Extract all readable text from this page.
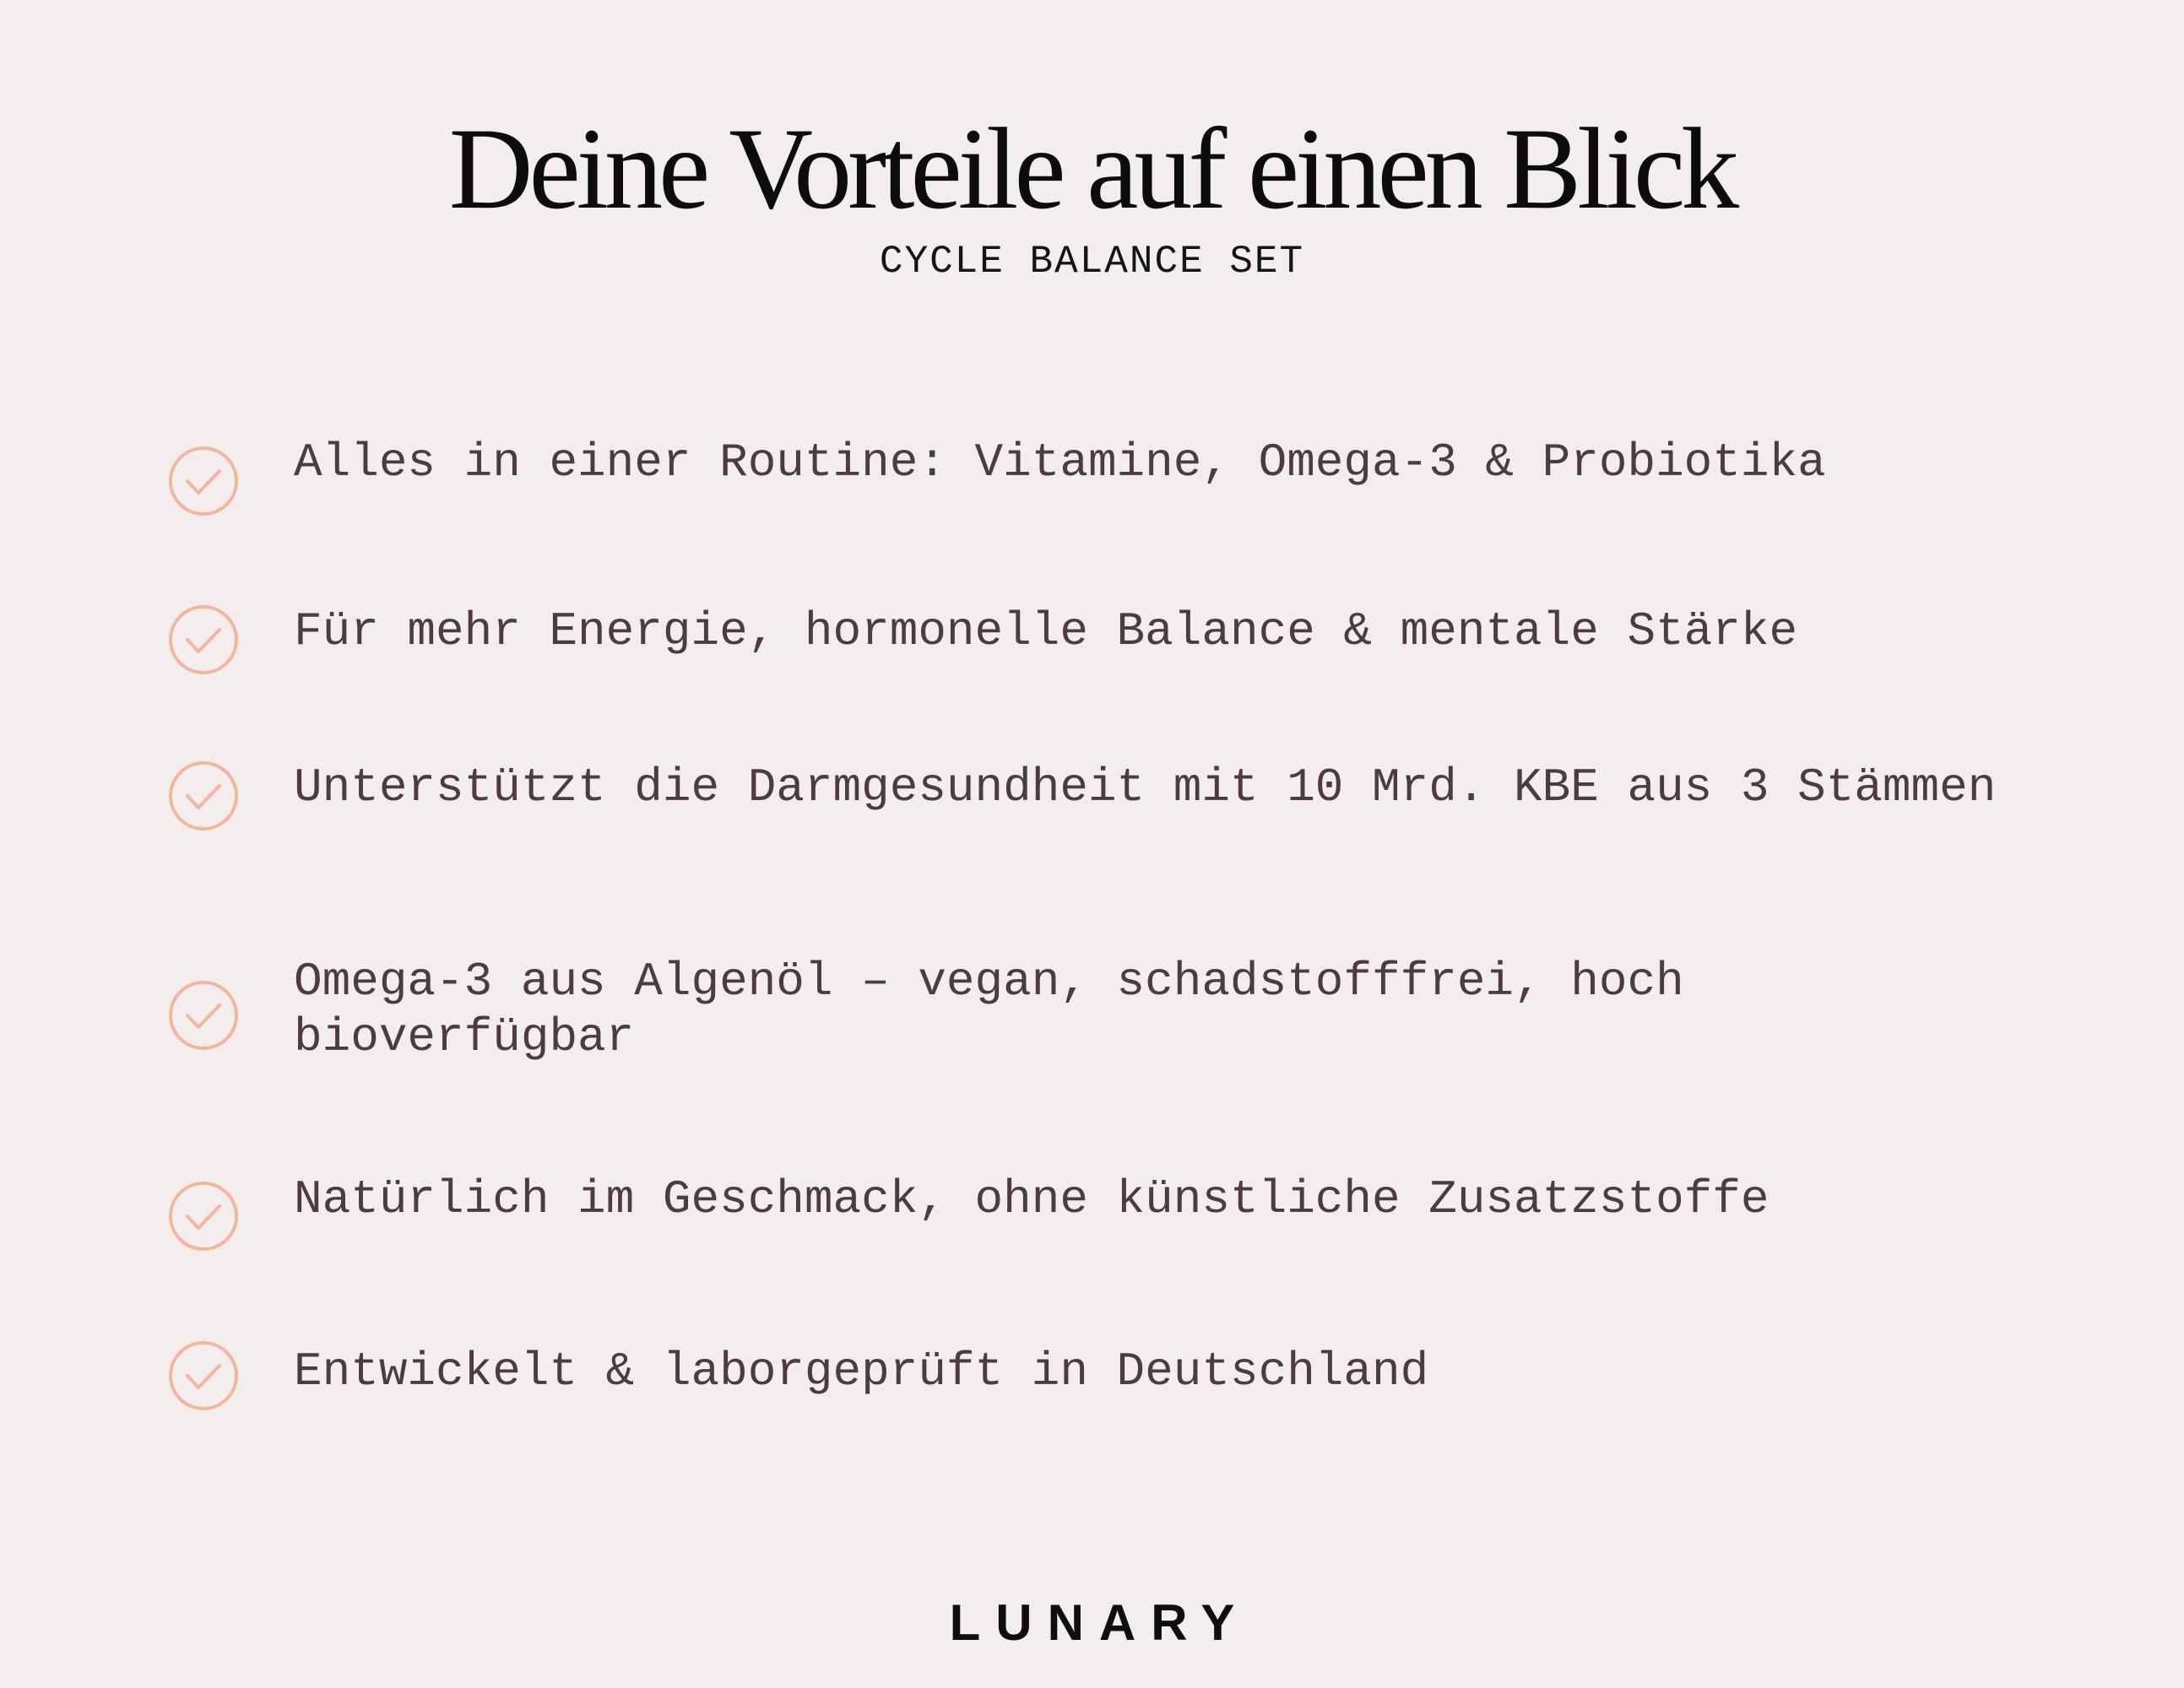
Deine Vorteile auf einen Blick
CYCLE BALANCE SET

Alles in einer Routine: Vitamine, Omega-3 & Probiotika

Für mehr Energie, hormonelle Balance & mentale Stärke

Unterstützt die Darmgesundheit mit 10 Mrd. KBE aus 3 Stämmen

Omega-3 aus Algenöl – vegan, schadstofffrei, hoch bioverfügbar

Natürlich im Geschmack, ohne künstliche Zusatzstoffe

Entwickelt & laborgeprüft in Deutschland

LUNARY
